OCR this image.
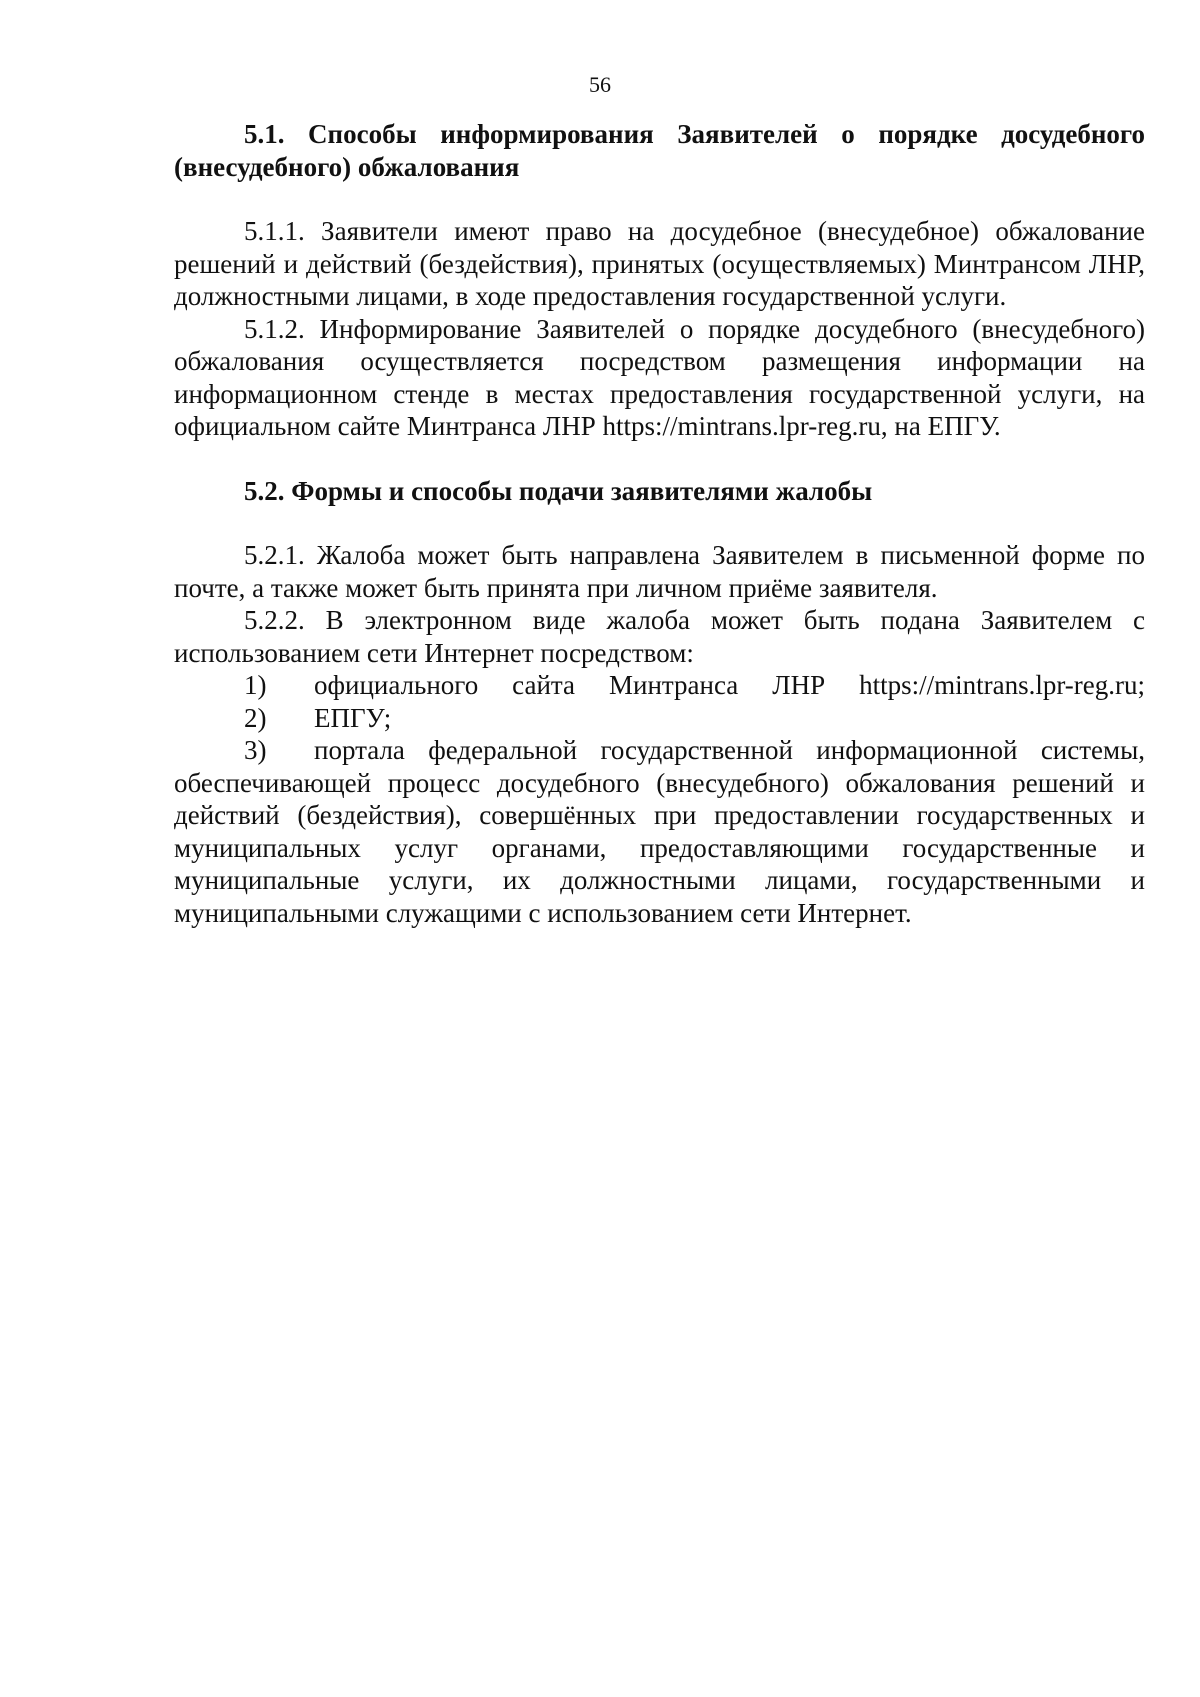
56

5.1. Способы информирования Заявителей о порядке досудебного (внесудебного) обжалования

5.1.1. Заявители имеют право на досудебное (внесудебное) обжалование решений и действий (бездействия), принятых (осуществляемых) Минтрансом ЛНР, должностными лицами, в ходе предоставления государственной услуги.

5.1.2. Информирование Заявителей о порядке досудебного (внесудебного) обжалования осуществляется посредством размещения информации на информационном стенде в местах предоставления государственной услуги, на официальном сайте Минтранса ЛНР https://mintrans.lpr-reg.ru, на ЕПГУ.

5.2. Формы и способы подачи заявителями жалобы

5.2.1. Жалоба может быть направлена Заявителем в письменной форме по почте, а также может быть принята при личном приёме заявителя.

5.2.2. В электронном виде жалоба может быть подана Заявителем с использованием сети Интернет посредством:

1)	официального сайта Минтранса ЛНР https://mintrans.lpr-reg.ru;
2)	ЕПГУ;

3) портала федеральной государственной информационной системы, обеспечивающей процесс досудебного (внесудебного) обжалования решений и действий (бездействия), совершённых при предоставлении государственных и муниципальных услуг органами, предоставляющими государственные и муниципальные услуги, их должностными лицами, государственными и муниципальными служащими с использованием сети Интернет.
